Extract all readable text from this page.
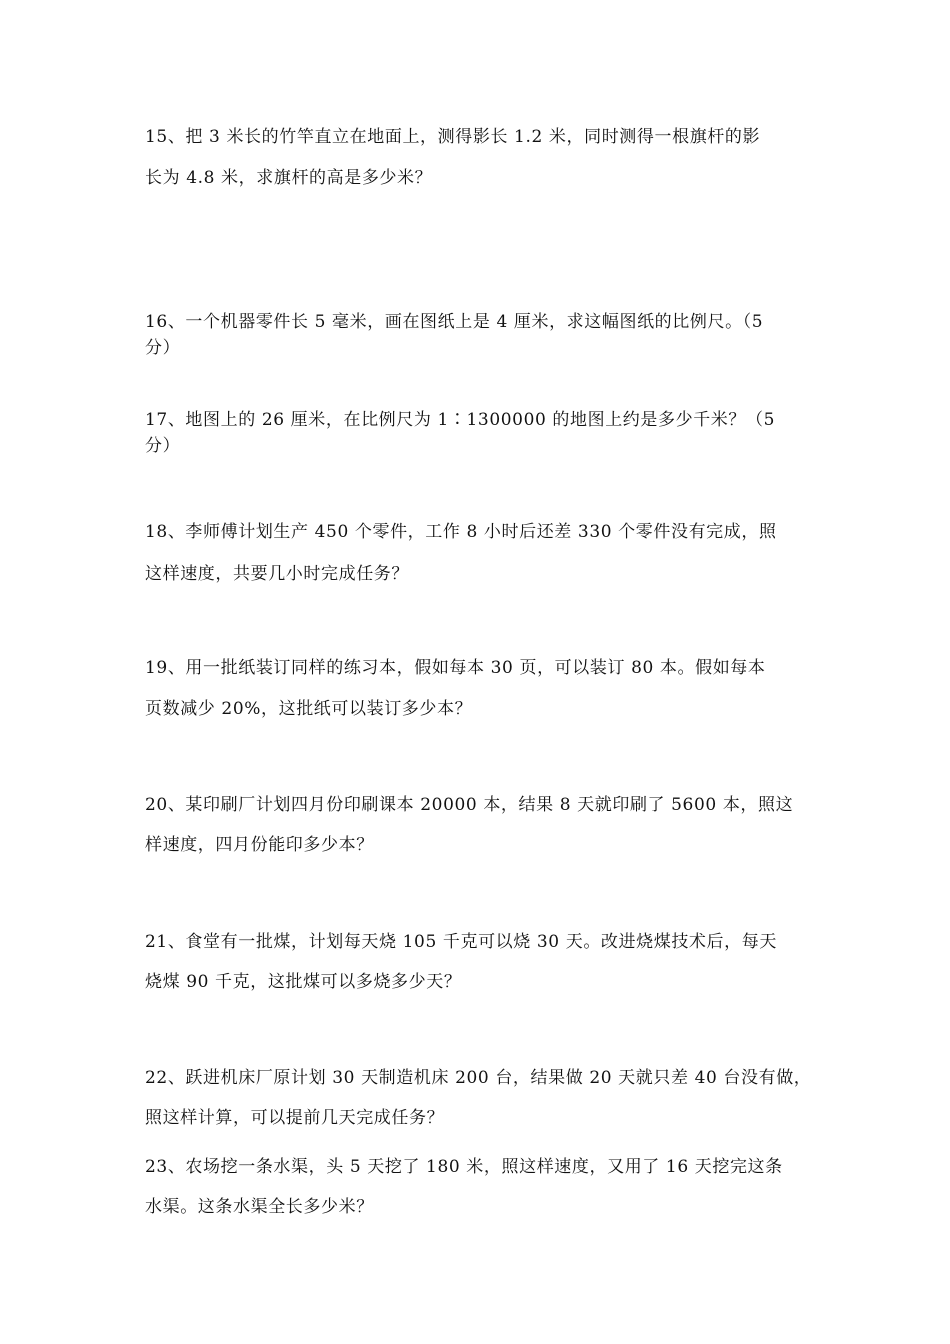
15、把 3 米长的竹竿直立在地面上，测得影长 1.2 米，同时测得一根旗杆的影
长为 4.8 米，求旗杆的高是多少米？
16、一个机器零件长 5 毫米，画在图纸上是 4 厘米，求这幅图纸的比例尺。（5
分）
17、地图上的 26 厘米，在比例尺为 1∶1300000 的地图上约是多少千米？（5
分）
18、李师傅计划生产 450 个零件，工作 8 小时后还差 330 个零件没有完成，照
这样速度，共要几小时完成任务？
19、用一批纸装订同样的练习本，假如每本 30 页，可以装订 80 本。假如每本
页数减少 20%，这批纸可以装订多少本？
20、某印刷厂计划四月份印刷课本 20000 本，结果 8 天就印刷了 5600 本，照这
样速度，四月份能印多少本？
21、食堂有一批煤，计划每天烧 105 千克可以烧 30 天。改进烧煤技术后，每天
烧煤 90 千克，这批煤可以多烧多少天？
22、跃进机床厂原计划 30 天制造机床 200 台，结果做 20 天就只差 40 台没有做，
照这样计算，可以提前几天完成任务？
23、农场挖一条水渠，头 5 天挖了 180 米，照这样速度，又用了 16 天挖完这条
水渠。这条水渠全长多少米？
